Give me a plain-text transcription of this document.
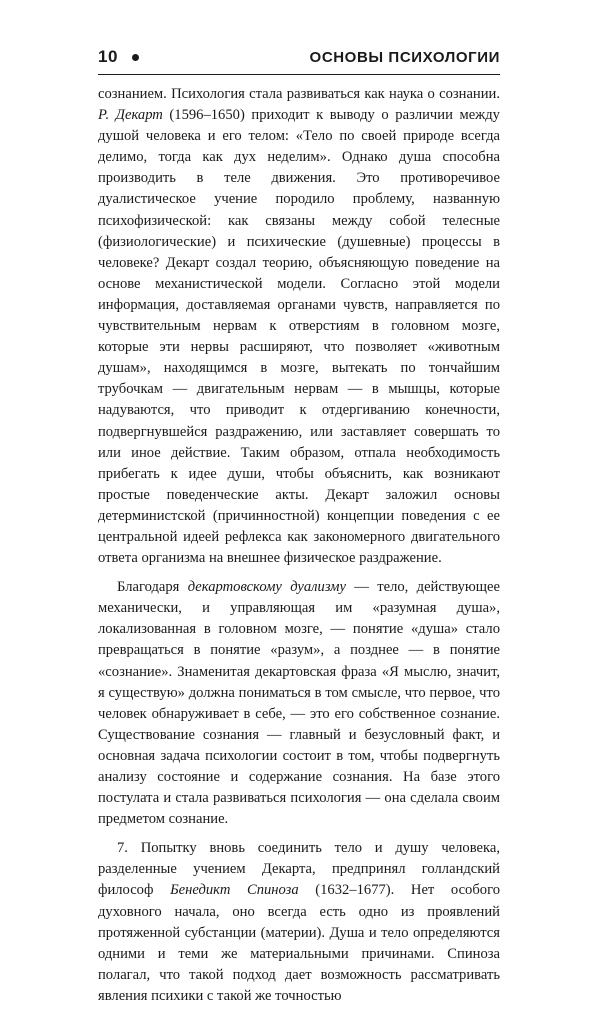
10	ОСНОВЫ ПСИХОЛОГИИ

сознанием. Психология стала развиваться как наука о сознании. Р. Декарт (1596–1650) приходит к выводу о различии между душой человека и его телом: «Тело по своей природе всегда делимо, тогда как дух неделим». Однако душа способна производить в теле движения. Это противоречивое дуалистическое учение породило проблему, названную психофизической: как связаны между собой телесные (физиологические) и психические (душевные) процессы в человеке? Декарт создал теорию, объясняющую поведение на основе механистической модели. Согласно этой модели информация, доставляемая органами чувств, направляется по чувствительным нервам к отверстиям в головном мозге, которые эти нервы расширяют, что позволяет «животным душам», находящимся в мозге, вытекать по тончайшим трубочкам — двигательным нервам — в мышцы, которые надуваются, что приводит к отдергиванию конечности, подвергнувшейся раздражению, или заставляет совершать то или иное действие. Таким образом, отпала необходимость прибегать к идее души, чтобы объяснить, как возникают простые поведенческие акты. Декарт заложил основы детерминистской (причинностной) концепции поведения с ее центральной идеей рефлекса как закономерного двигательного ответа организма на внешнее физическое раздражение.

Благодаря декартовскому дуализму — тело, действующее механически, и управляющая им «разумная душа», локализованная в головном мозге, — понятие «душа» стало превращаться в понятие «разум», а позднее — в понятие «сознание». Знаменитая декартовская фраза «Я мыслю, значит, я существую» должна пониматься в том смысле, что первое, что человек обнаруживает в себе, — это его собственное сознание. Существование сознания — главный и безусловный факт, и основная задача психологии состоит в том, чтобы подвергнуть анализу состояние и содержание сознания. На базе этого постулата и стала развиваться психология — она сделала своим предметом сознание.

7. Попытку вновь соединить тело и душу человека, разделенные учением Декарта, предпринял голландский философ Бенедикт Спиноза (1632–1677). Нет особого духовного начала, оно всегда есть одно из проявлений протяженной субстанции (материи). Душа и тело определяются одними и теми же материальными причинами. Спиноза полагал, что такой подход дает возможность рассматривать явления психики с такой же точностью
